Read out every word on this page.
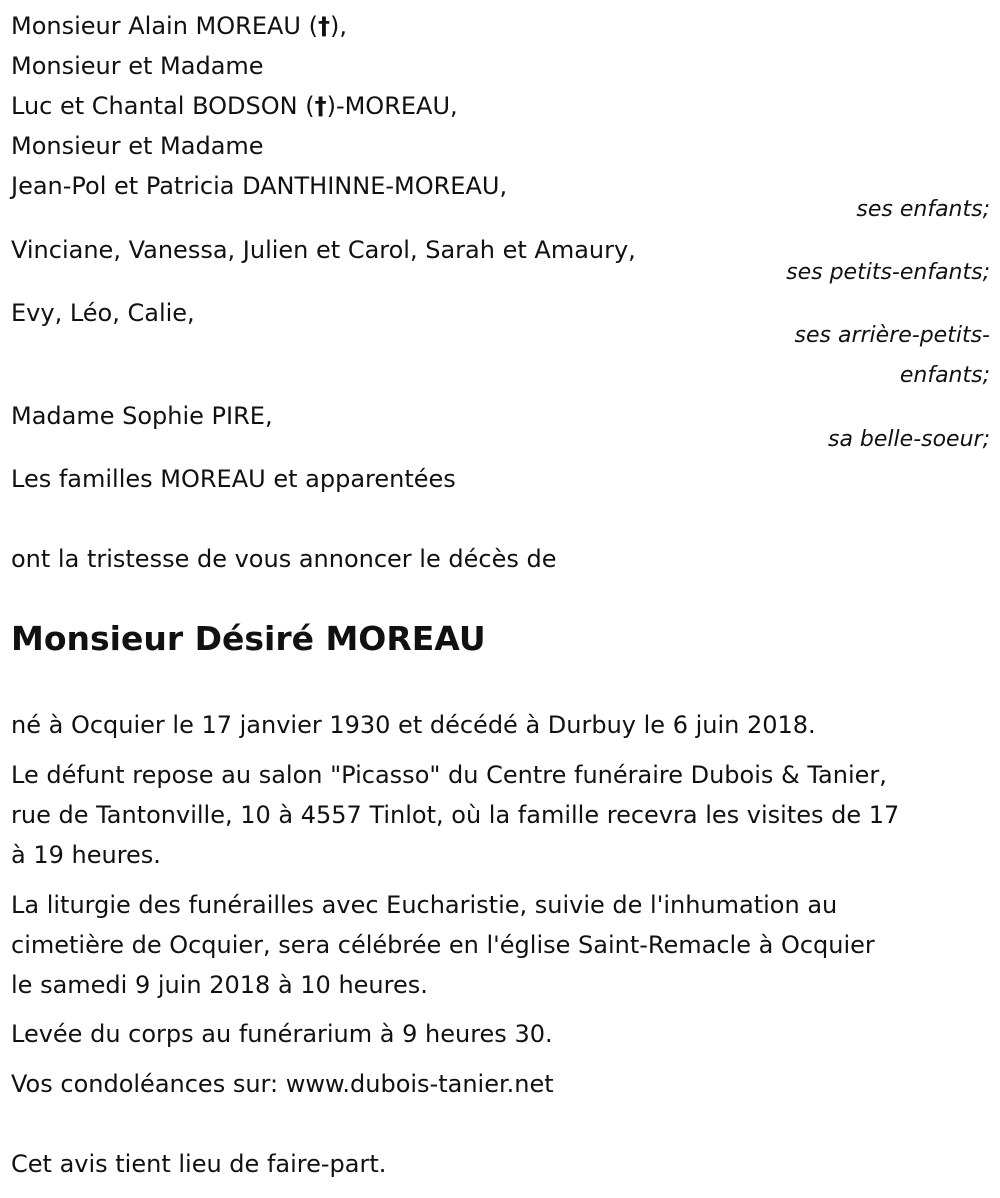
Monsieur Alain MOREAU (†),
Monsieur et Madame
Luc et Chantal BODSON (†)-MOREAU,
Monsieur et Madame
Jean-Pol et Patricia DANTHINNE-MOREAU,
ses enfants;
Vinciane, Vanessa, Julien et Carol, Sarah et Amaury,
ses petits-enfants;
Evy, Léo, Calie,
ses arrière-petits-
enfants;
Madame Sophie PIRE,
sa belle-soeur;
Les familles MOREAU et apparentées
ont la tristesse de vous annoncer le décès de
Monsieur Désiré MOREAU
né à Ocquier le 17 janvier 1930 et décédé à Durbuy le 6 juin 2018.
Le défunt repose au salon "Picasso" du Centre funéraire Dubois & Tanier,
rue de Tantonville, 10 à 4557 Tinlot, où la famille recevra les visites de 17
à 19 heures.
La liturgie des funérailles avec Eucharistie, suivie de l'inhumation au
cimetière de Ocquier, sera célébrée en l'église Saint-Remacle à Ocquier
le samedi 9 juin 2018 à 10 heures.
Levée du corps au funérarium à 9 heures 30.
Vos condoléances sur: www.dubois-tanier.net
Cet avis tient lieu de faire-part.
